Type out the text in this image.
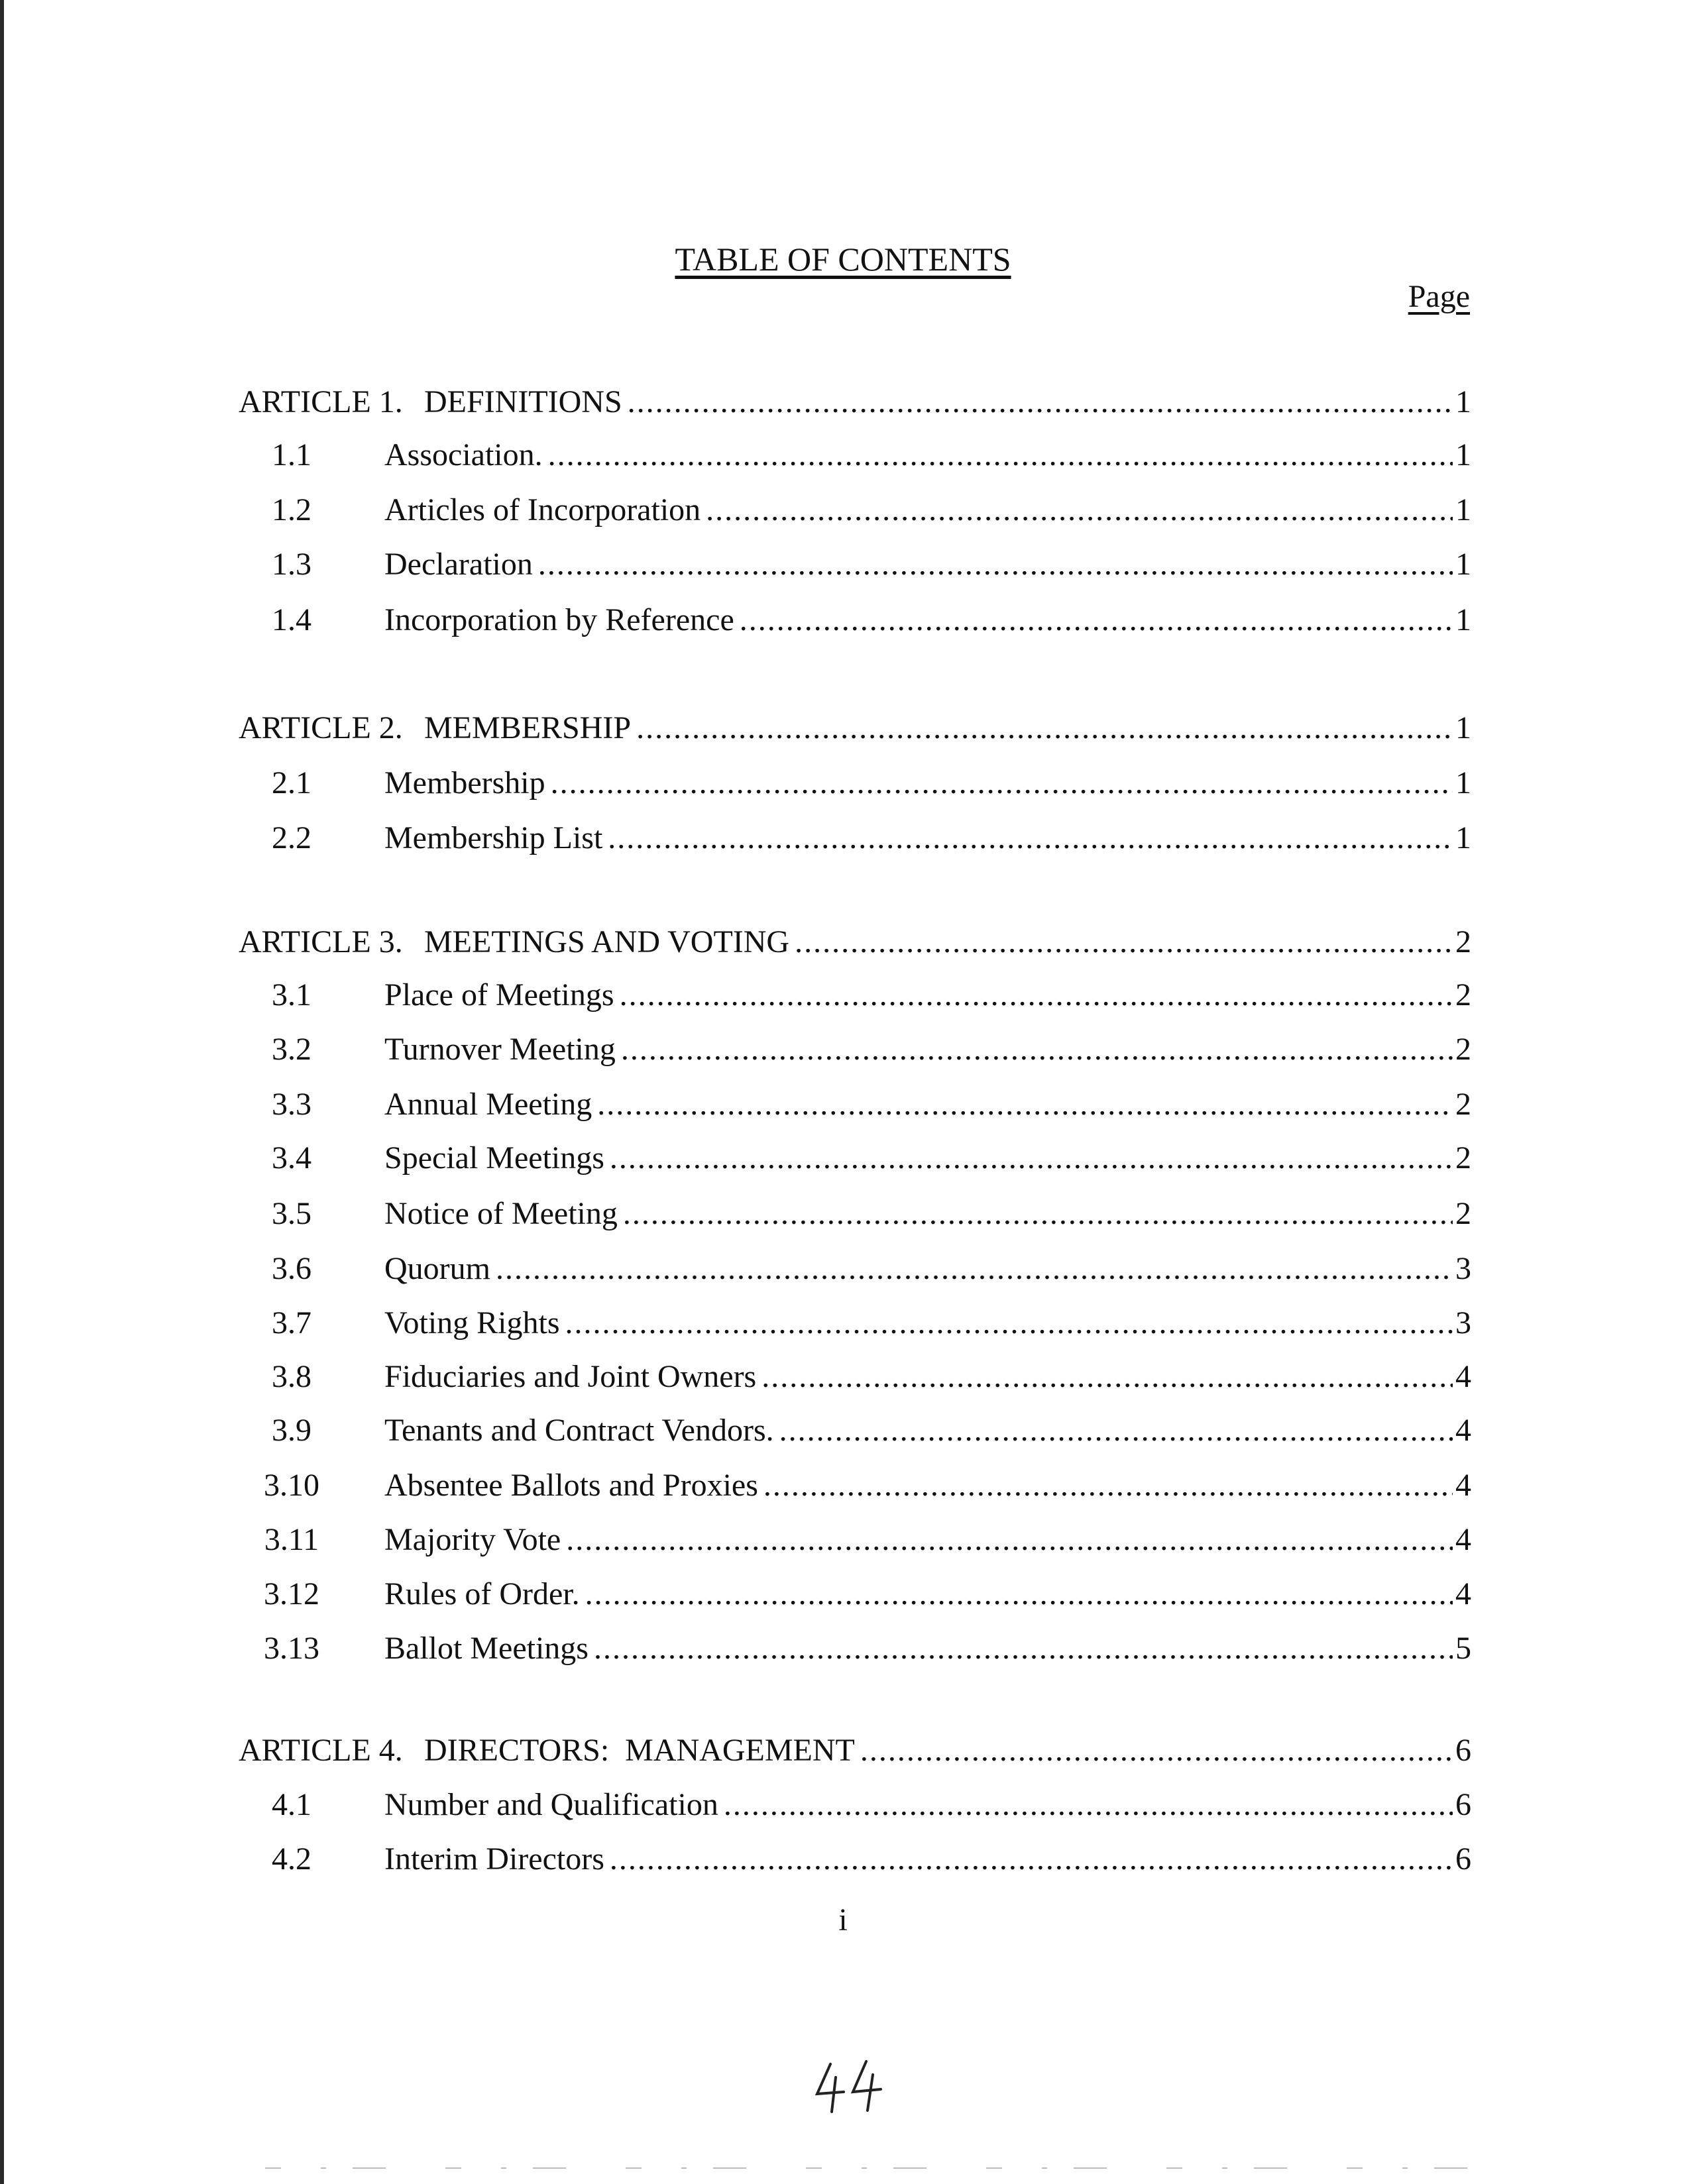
TABLE OF CONTENTS
Page
ARTICLE 1. DEFINITIONS .....	1
1.1	Association. .....	1
1.2	Articles of Incorporation .....	1
1.3	Declaration .....	1
1.4	Incorporation by Reference .....	1
ARTICLE 2. MEMBERSHIP .....	1
2.1	Membership .....	1
2.2	Membership List .....	1
ARTICLE 3. MEETINGS AND VOTING .....	2
3.1	Place of Meetings .....	2
3.2	Turnover Meeting .....	2
3.3	Annual Meeting .....	2
3.4	Special Meetings .....	2
3.5	Notice of Meeting .....	2
3.6	Quorum .....	3
3.7	Voting Rights .....	3
3.8	Fiduciaries and Joint Owners .....	4
3.9	Tenants and Contract Vendors. .....	4
3.10	Absentee Ballots and Proxies .....	4
3.11	Majority Vote .....	4
3.12	Rules of Order. .....	4
3.13	Ballot Meetings .....	5
ARTICLE 4. DIRECTORS:  MANAGEMENT .....	6
4.1	Number and Qualification .....	6
4.2	Interim Directors .....	6
i
